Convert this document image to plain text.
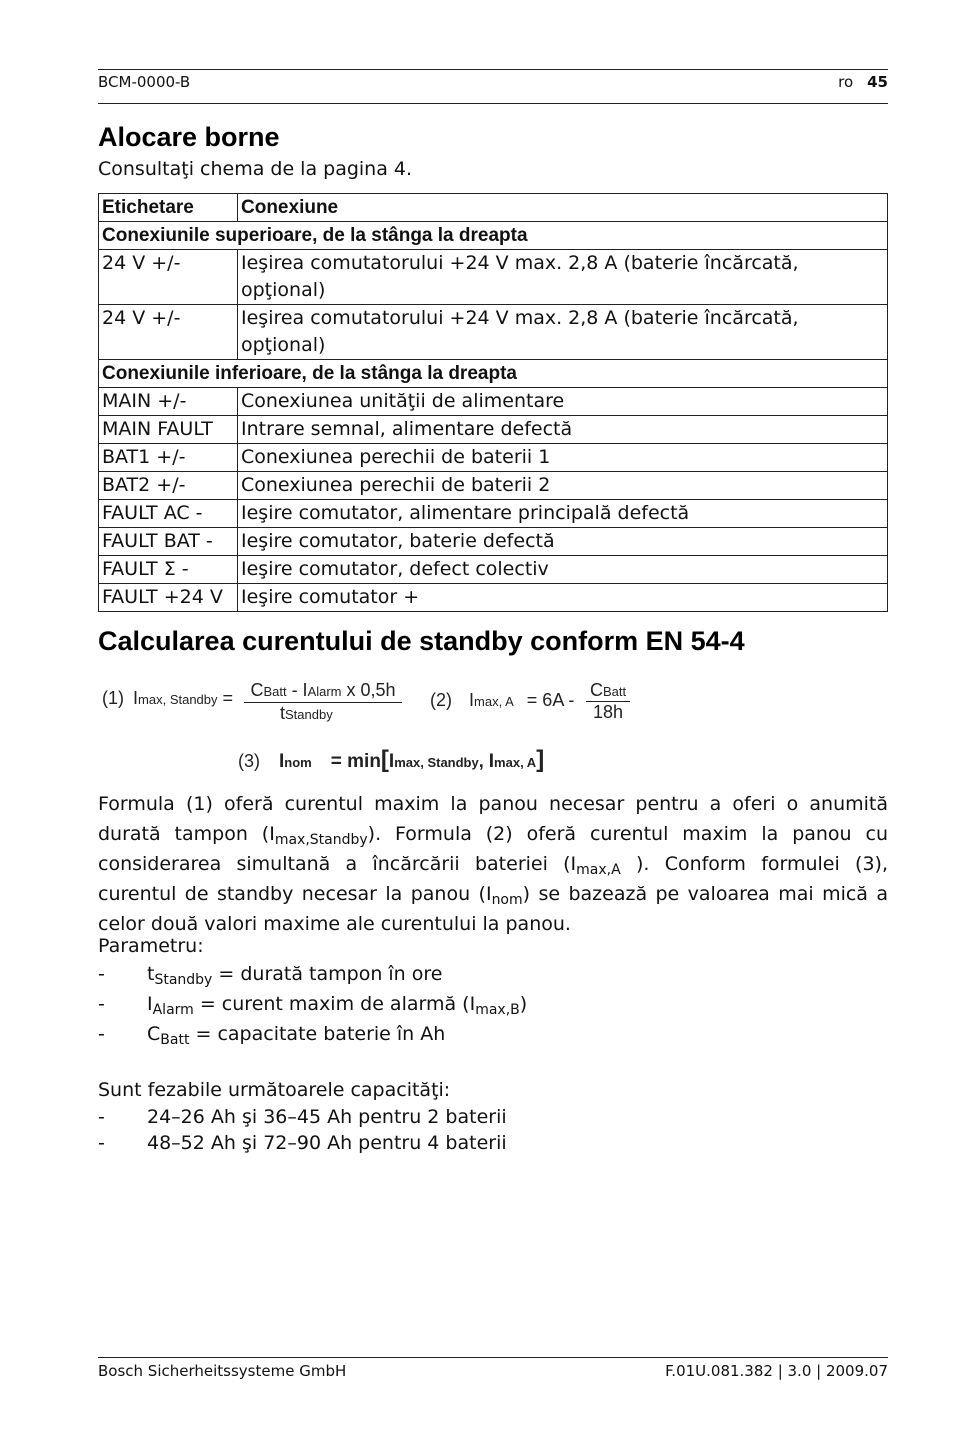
BCM-0000-B	ro 45
Alocare borne

Consultaţi chema de la pagina 4.

Etichetare	Conexiune
Conexiunile superioare, de la stânga la dreapta	
24 V +/-	Ieşirea comutatorului +24 V max. 2,8 A (baterie încărcată, opţional)
24 V +/-	Ieşirea comutatorului +24 V max. 2,8 A (baterie încărcată, opţional)
Conexiunile inferioare, de la stânga la dreapta	
MAIN +/-	Conexiunea unităţii de alimentare
MAIN FAULT	Intrare semnal, alimentare defectă
BAT1 +/-	Conexiunea perechii de baterii 1
BAT2 +/-	Conexiunea perechii de baterii 2
FAULT AC -	Ieşire comutator, alimentare principală defectă
FAULT BAT -	Ieşire comutator, baterie defectă
FAULT Σ -	Ieşire comutator, defect colectiv
FAULT +24 V	Ieşire comutator +
Calcularea curentului de standby conform EN 54-4
(1) Imax, Standby = CBatt - IAlarm x 0,5h
tStandby
(2) Imax, A = 6A - CBatt
18h
(3) Inom = min[Imax, Standby, Imax, A]

Formula (1) oferă curentul maxim la panou necesar pentru a oferi o anumită durată tampon $(I_{max,Standby})$. Formula (2) oferă curentul maxim la panou cu considerarea simultană a încărcării bateriei ($I_{max,A}$ ). Conform formulei (3), curentul de standby necesar la panou $(I_{nom})$ se bazează pe valoarea mai mică a celor două valori maxime ale curentului la panou.

Parametru:

- $t_{Standby}$ = durată tampon în ore
- $I_{Alarm}$ = curent maxim de alarmă $(I_{max,B})$
- $C_{Batt}$ = capacitate baterie în Ah

Sunt fezabile următoarele capacităţi:

- 24–26 Ah şi 36–45 Ah pentru 2 baterii
- 48–52 Ah şi 72–90 Ah pentru 4 baterii
Bosch Sicherheitssysteme GmbH	F.01U.081.382 | 3.0 | 2009.07
